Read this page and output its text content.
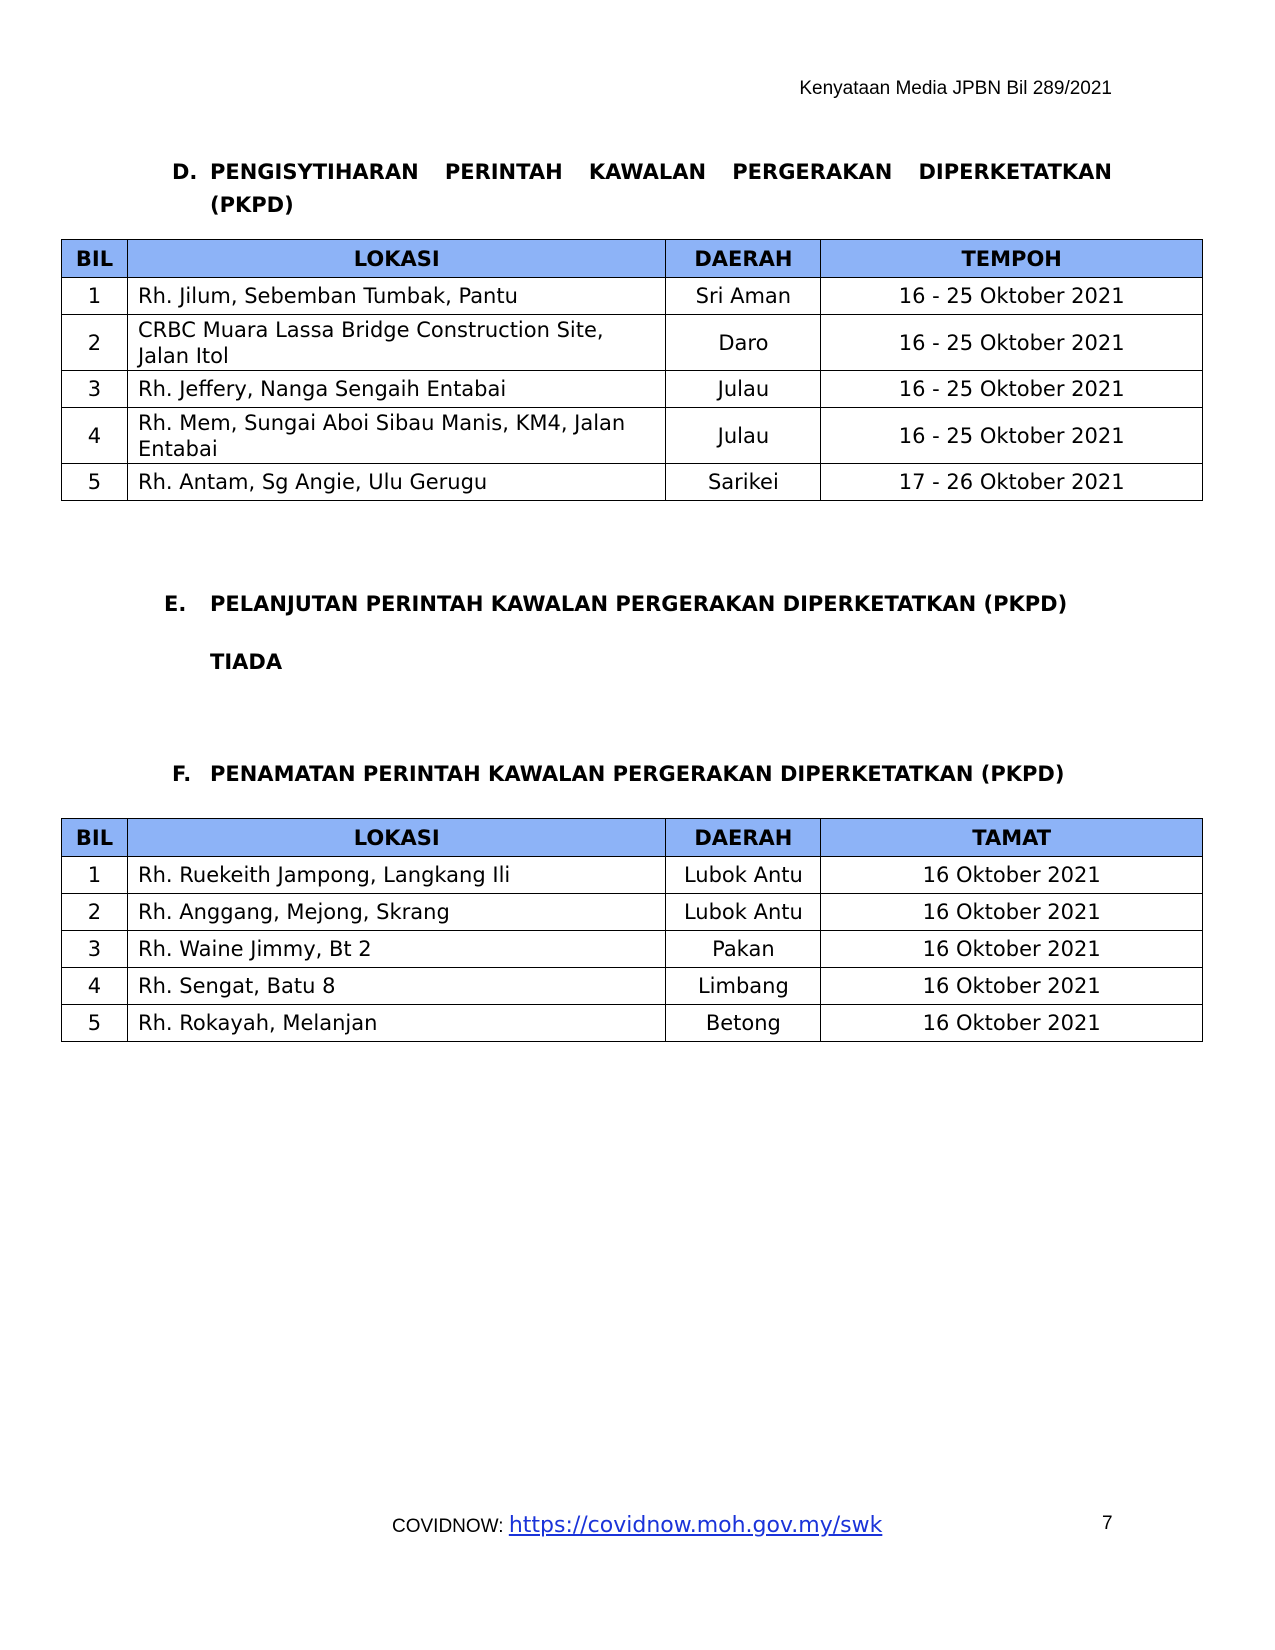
Kenyataan Media JPBN Bil 289/2021
D. PENGISYTIHARAN PERINTAH KAWALAN PERGERAKAN DIPERKETATKAN
(PKPD)
BIL	LOKASI	DAERAH	TEMPOH
1	Rh. Jilum, Sebemban Tumbak, Pantu	Sri Aman	16 - 25 Oktober 2021
2	CRBC Muara Lassa Bridge Construction Site, Jalan Itol	Daro	16 - 25 Oktober 2021
3	Rh. Jeffery, Nanga Sengaih Entabai	Julau	16 - 25 Oktober 2021
4	Rh. Mem, Sungai Aboi Sibau Manis, KM4, Jalan Entabai	Julau	16 - 25 Oktober 2021
5	Rh. Antam, Sg Angie, Ulu Gerugu	Sarikei	17 - 26 Oktober 2021
E. PELANJUTAN PERINTAH KAWALAN PERGERAKAN DIPERKETATKAN (PKPD)
TIADA
F. PENAMATAN PERINTAH KAWALAN PERGERAKAN DIPERKETATKAN (PKPD)
BIL	LOKASI	DAERAH	TAMAT
1	Rh. Ruekeith Jampong, Langkang Ili	Lubok Antu	16 Oktober 2021
2	Rh. Anggang, Mejong, Skrang	Lubok Antu	16 Oktober 2021
3	Rh. Waine Jimmy, Bt 2	Pakan	16 Oktober 2021
4	Rh. Sengat, Batu 8	Limbang	16 Oktober 2021
5	Rh. Rokayah, Melanjan	Betong	16 Oktober 2021
COVIDNOW: https://covidnow.moh.gov.my/swk	7
